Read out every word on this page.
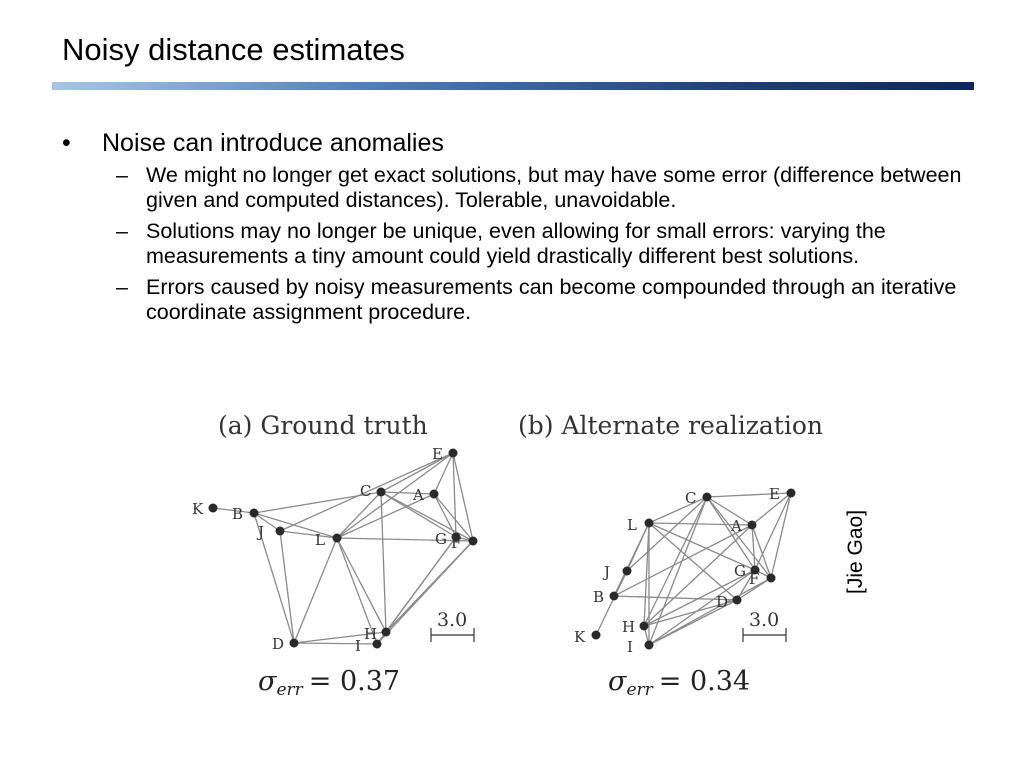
Noisy distance estimates
• Noise can introduce anomalies
– We might no longer get exact solutions, but may have some error (difference between given and computed distances). Tolerable, unavoidable.
– Solutions may no longer be unique, even allowing for small errors: varying the measurements a tiny amount could yield drastically different best solutions.
– Errors caused by noisy measurements can become compounded through an iterative coordinate assignment procedure.
(a) Ground truth	(b) Alternate realization
K B
J	L
C	A
E
G F
D
H
I
3.0
σerr = 0.37
K
B
J
L
C	E
A
G F
D
H
I
3.0
σerr = 0.34
[Jie Gao]
